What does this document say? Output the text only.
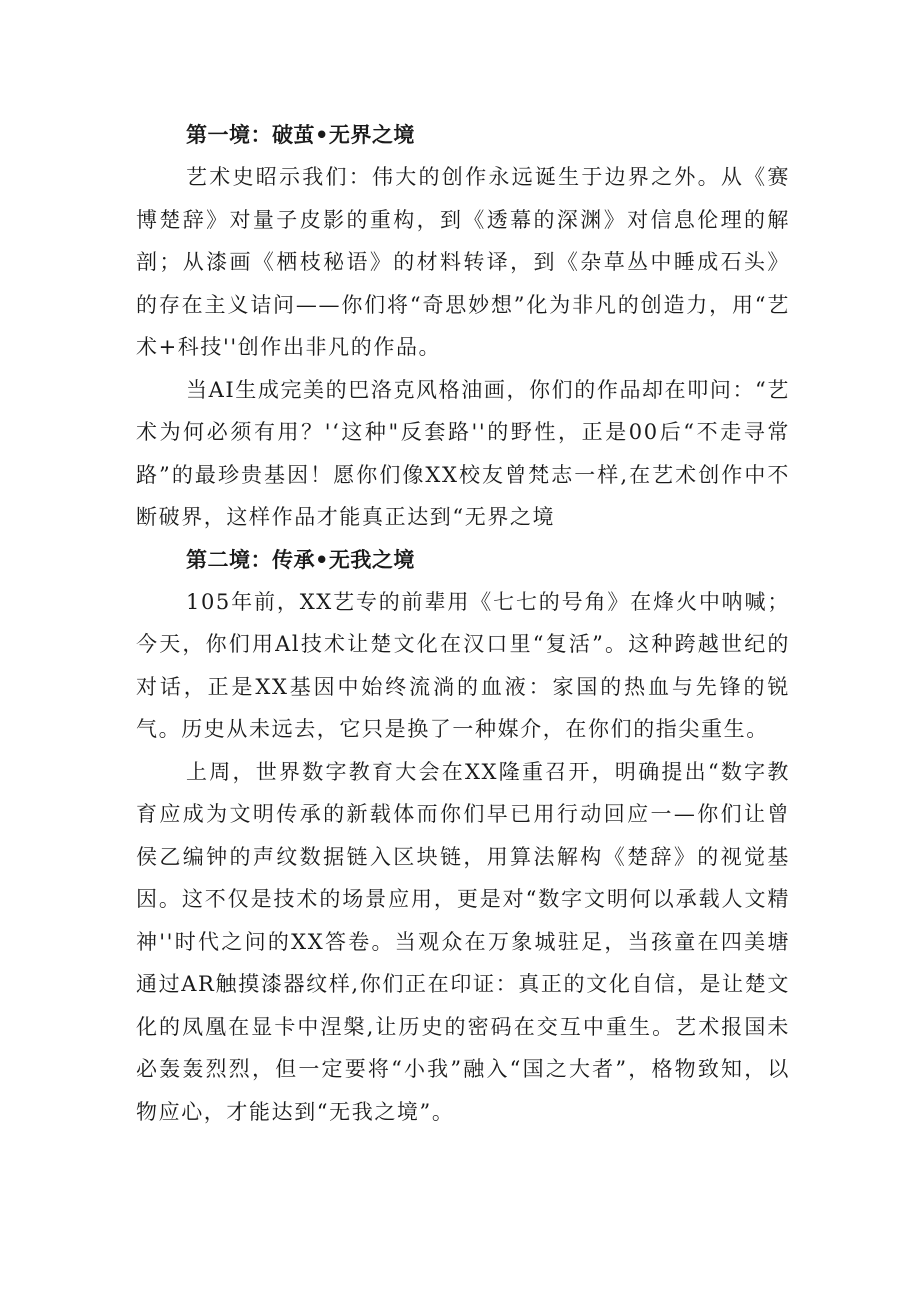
第一境：破茧•无界之境

艺术史昭示我们：伟大的创作永远诞生于边界之外。从《赛博楚辞》对量子皮影的重构，到《透幕的深渊》对信息伦理的解剖；从漆画《栖枝秘语》的材料转译，到《杂草丛中睡成石头》的存在主义诘问——你们将“奇思妙想”化为非凡的创造力，用“艺术+科技''创作出非凡的作品。

当AI生成完美的巴洛克风格油画，你们的作品却在叩问：“艺术为何必须有用？'‘这种"反套路''的野性，正是00后“不走寻常路”的最珍贵基因！愿你们像XX校友曾梵志一样,在艺术创作中不断破界，这样作品才能真正达到“无界之境

第二境：传承•无我之境

105年前，XX艺专的前辈用《七七的号角》在烽火中呐喊；今天，你们用Al技术让楚文化在汉口里“复活”。这种跨越世纪的对话，正是XX基因中始终流淌的血液：家国的热血与先锋的锐气。历史从未远去，它只是换了一种媒介，在你们的指尖重生。

上周，世界数字教育大会在XX隆重召开，明确提出“数字教育应成为文明传承的新载体而你们早已用行动回应一—你们让曾侯乙编钟的声纹数据链入区块链，用算法解构《楚辞》的视觉基因。这不仅是技术的场景应用，更是对“数字文明何以承载人文精神''时代之问的XX答卷。当观众在万象城驻足，当孩童在四美塘通过AR触摸漆器纹样,你们正在印证：真正的文化自信，是让楚文化的凤凰在显卡中涅槃,让历史的密码在交互中重生。艺术报国未必轰轰烈烈，但一定要将“小我”融入“国之大者”，格物致知，以物应心，才能达到“无我之境”。
